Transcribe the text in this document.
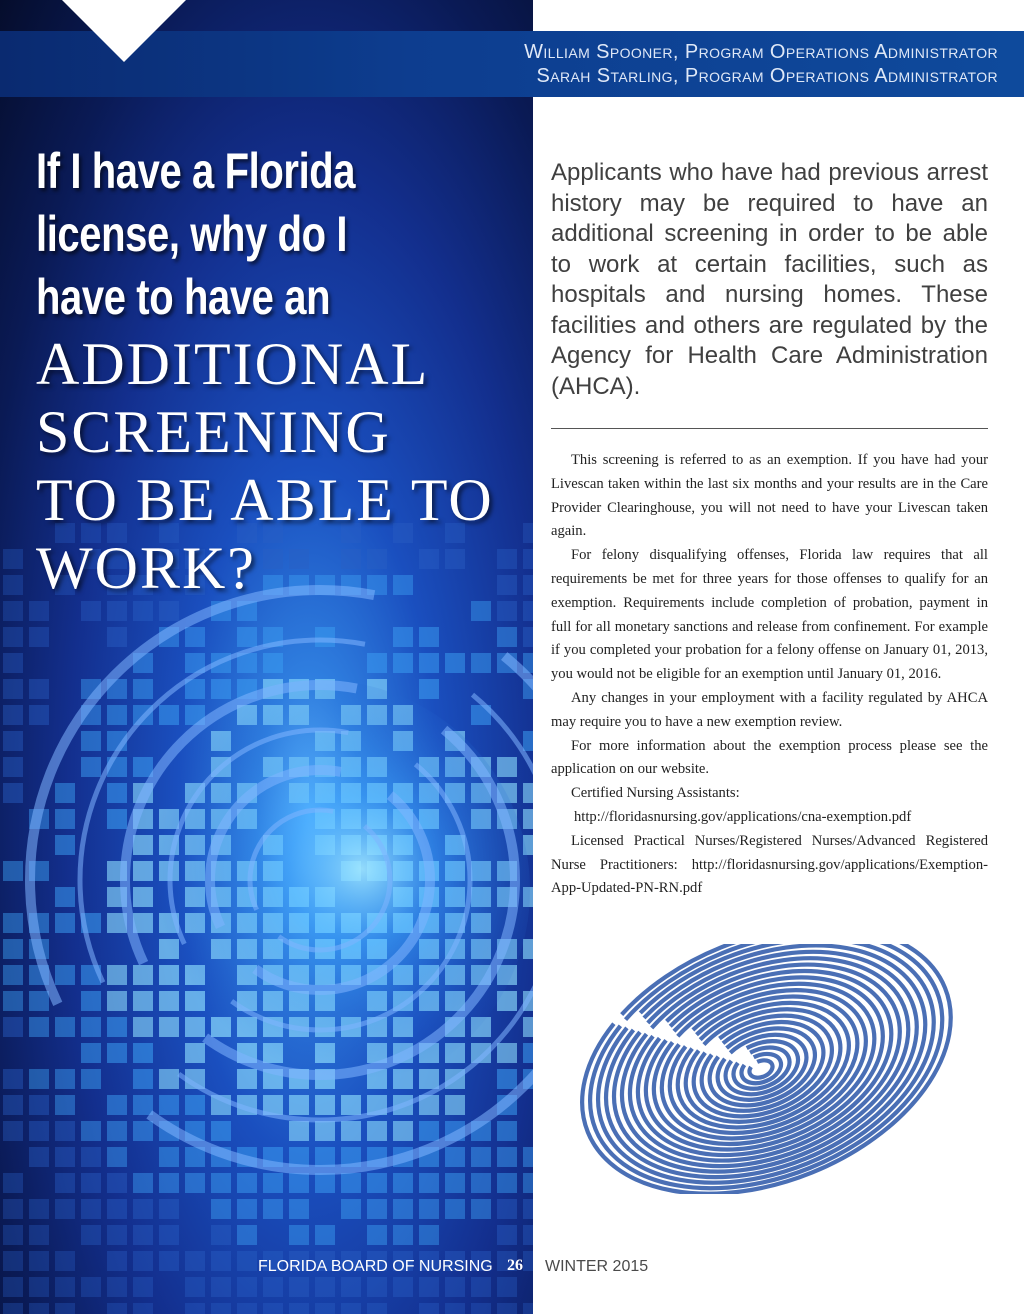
William Spooner, Program Operations Administrator
Sarah Starling, Program Operations Administrator
If I have a Florida
license, why do I
have to have an
ADDITIONAL
SCREENING
TO BE ABLE TO
WORK?
Applicants who have had previous arrest history may be required to have an additional screening in order to be able to work at certain facilities, such as hospitals and nursing homes. These facilities and others are regulated by the Agency for Health Care Administration (AHCA).

This screening is referred to as an exemption. If you have had your Livescan taken within the last six months and your results are in the Care Provider Clearinghouse, you will not need to have your Livescan taken again.

For felony disqualifying offenses, Florida law requires that all requirements be met for three years for those offenses to qualify for an exemption. Requirements include completion of probation, payment in full for all monetary sanctions and release from confinement. For example if you completed your probation for a felony offense on January 01, 2013, you would not be eligible for an exemption until January 01, 2016.

Any changes in your employment with a facility regulated by AHCA may require you to have a new exemption review.

For more information about the exemption process please see the application on our website.

Certified Nursing Assistants:

http://floridasnursing.gov/applications/cna-exemption.pdf

Licensed Practical Nurses/Registered Nurses/Advanced Registered Nurse Practitioners: http://floridasnursing.gov/applications/Exemption-App-Updated-PN-RN.pdf

FLORIDA BOARD OF NURSING 26 WINTER 2015
